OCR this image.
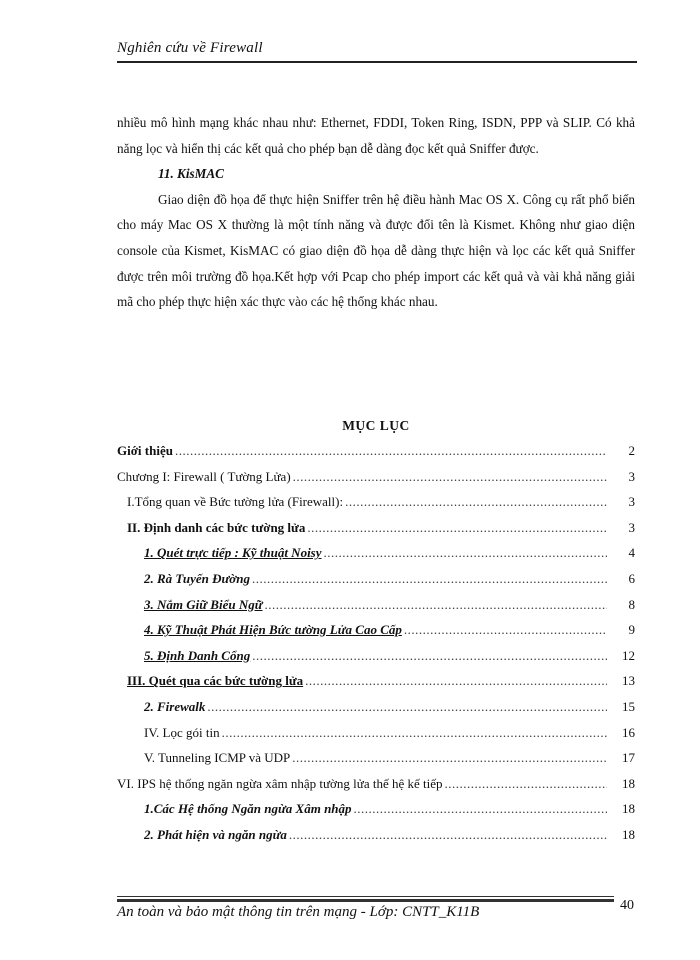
Nghiên cứu về Firewall

nhiều mô hình mạng khác nhau như: Ethernet, FDDI, Token Ring, ISDN, PPP và SLIP. Có khả năng lọc và hiển thị các kết quả cho phép bạn dễ dàng đọc kết quả Sniffer được.

11. KisMAC

Giao diện đồ họa để thực hiện Sniffer trên hệ điều hành Mac OS X. Công cụ rất phổ biến cho máy Mac OS X thường là một tính năng và được đổi tên là Kismet. Không như giao diện console của Kismet, KisMAC có giao diện đồ họa dễ dàng thực hiện và lọc các kết quả Sniffer được trên môi trường đồ họa.Kết hợp với Pcap cho phép import các kết quả và vài khả năng giải mã cho phép thực hiện xác thực vào các hệ thống khác nhau.

MỤC LỤC
Giới thiệu .....	2
Chương I: Firewall ( Tường Lửa) .....	3
I.Tổng quan về Bức tường lửa (Firewall): .....	3
II. Định danh các bức tường lửa .....	3
1. Quét trực tiếp : Kỹ thuật Noisy .....	4
2. Rà Tuyến Đường .....	6
3. Nắm Giữ Biểu Ngữ .....	8
4. Kỹ Thuật Phát Hiện Bức tường Lửa Cao Cấp .....	9
5. Định Danh Cổng .....	12
III. Quét qua các bức tường lửa .....	13
2. Firewalk .....	15
IV. Lọc gói tin .....	16
V. Tunneling ICMP và UDP .....	17
VI. IPS hệ thống ngăn ngừa xâm nhập tường lửa thế hệ kế tiếp .....	18
1.Các Hệ thống Ngăn ngừa Xâm nhập .....	18
2. Phát hiện và ngăn ngừa .....	18
An toàn và bảo mật thông tin trên mạng - Lớp: CNTT_K11B	40
